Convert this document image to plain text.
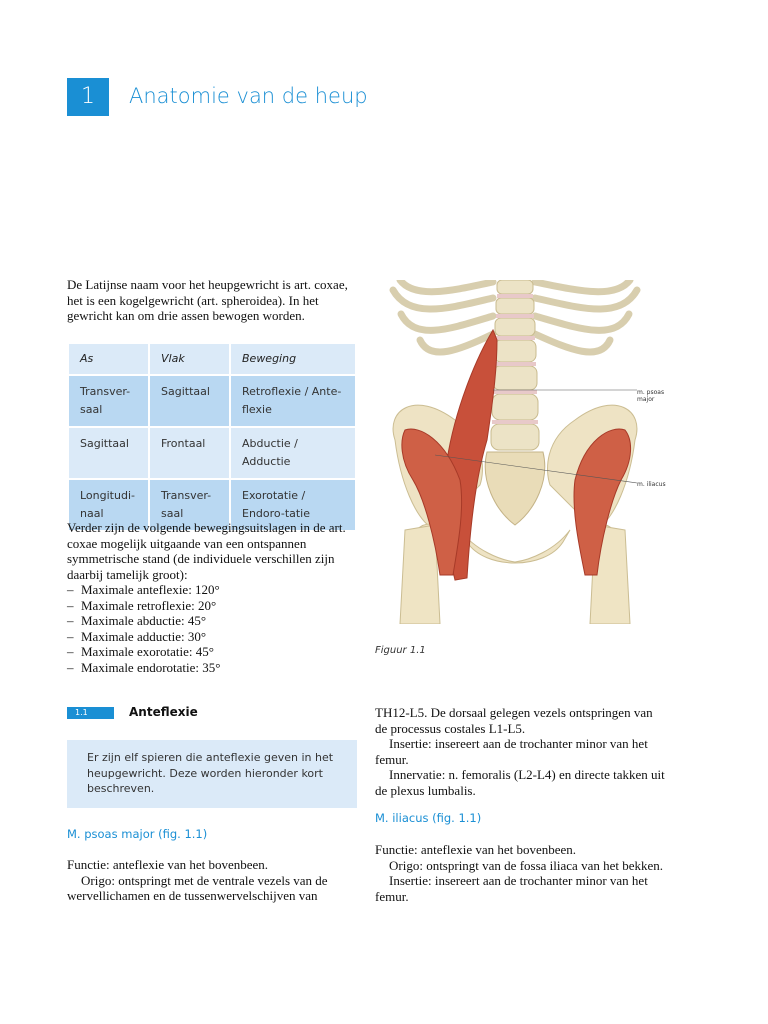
1	Anatomie van de heup

De Latijnse naam voor het heupgewricht is art. coxae, het is een kogelgewricht (art. spheroidea). In het gewricht kan om drie assen bewogen worden.

As	Vlak	Beweging
Transver-saal	Sagittaal	Retroflexie / Ante-flexie
Sagittaal	Frontaal	Abductie / Adductie
Longitudi-naal	Transver-saal	Exorotatie / Endoro-tatie

Verder zijn de volgende bewegingsuitslagen in de art. coxae mogelijk uitgaande van een ontspannen symmetrische stand (de individuele verschillen zijn daarbij tamelijk groot):

– Maximale anteflexie: 120°
– Maximale retroflexie: 20°
– Maximale abductie: 45°
– Maximale adductie: 30°
– Maximale exorotatie: 45°
– Maximale endorotatie: 35°
m. psoas major
m. iliacus
Figuur 1.1
1.1	Anteflexie
Er zijn elf spieren die anteflexie geven in het heupgewricht. Deze worden hieronder kort beschreven.
M. psoas major (fig. 1.1)

Functie: anteflexie van het bovenbeen.

Origo: ontspringt met de ventrale vezels van de wervellichamen en de tussenwervelschijven van

TH12-L5. De dorsaal gelegen vezels ontspringen van de processus costales L1-L5.

Insertie: insereert aan de trochanter minor van het femur.

Innervatie: n. femoralis (L2-L4) en directe takken uit de plexus lumbalis.

M. iliacus (fig. 1.1)

Functie: anteflexie van het bovenbeen.

Origo: ontspringt van de fossa iliaca van het bekken.

Insertie: insereert aan de trochanter minor van het femur.
